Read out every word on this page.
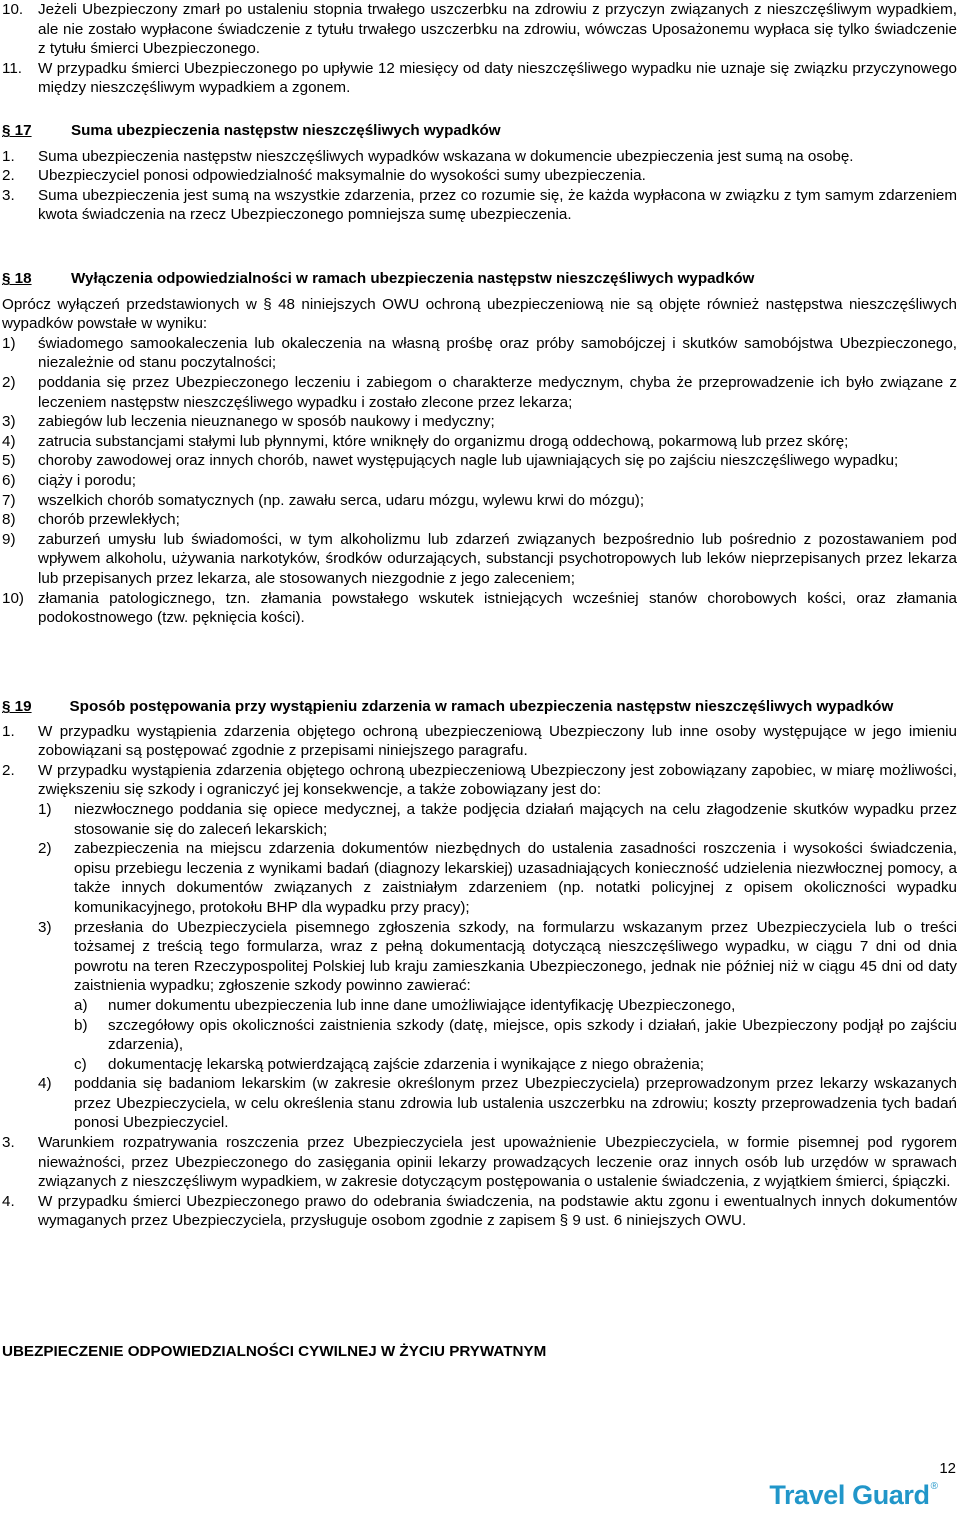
10. Jeżeli Ubezpieczony zmarł po ustaleniu stopnia trwałego uszczerbku na zdrowiu z przyczyn związanych z nieszczęśliwym wypadkiem, ale nie zostało wypłacone świadczenie z tytułu trwałego uszczerbku na zdrowiu, wówczas Uposażonemu wypłaca się tylko świadczenie z tytułu śmierci Ubezpieczonego.
11. W przypadku śmierci Ubezpieczonego po upływie 12 miesięcy od daty nieszczęśliwego wypadku nie uznaje się związku przyczynowego między nieszczęśliwym wypadkiem a zgonem.
§ 17	Suma ubezpieczenia następstw nieszczęśliwych wypadków
1. Suma ubezpieczenia następstw nieszczęśliwych wypadków wskazana w dokumencie ubezpieczenia jest sumą na osobę.
2. Ubezpieczyciel ponosi odpowiedzialność maksymalnie do wysokości sumy ubezpieczenia.
3. Suma ubezpieczenia jest sumą na wszystkie zdarzenia, przez co rozumie się, że każda wypłacona w związku z tym samym zdarzeniem kwota świadczenia na rzecz Ubezpieczonego pomniejsza sumę ubezpieczenia.
§ 18	Wyłączenia odpowiedzialności w ramach ubezpieczenia następstw nieszczęśliwych wypadków
Oprócz wyłączeń przedstawionych w § 48 niniejszych OWU ochroną ubezpieczeniową nie są objęte również następstwa nieszczęśliwych wypadków powstałe w wyniku:
1) świadomego samookaleczenia lub okaleczenia na własną prośbę oraz próby samobójczej i skutków samobójstwa Ubezpieczonego, niezależnie od stanu poczytalności;
2) poddania się przez Ubezpieczonego leczeniu i zabiegom o charakterze medycznym, chyba że przeprowadzenie ich było związane z leczeniem następstw nieszczęśliwego wypadku i zostało zlecone przez lekarza;
3) zabiegów lub leczenia nieuznanego w sposób naukowy i medyczny;
4) zatrucia substancjami stałymi lub płynnymi, które wniknęły do organizmu drogą oddechową, pokarmową lub przez skórę;
5) choroby zawodowej oraz innych chorób, nawet występujących nagle lub ujawniających się po zajściu nieszczęśliwego wypadku;
6) ciąży i porodu;
7) wszelkich chorób somatycznych (np. zawału serca, udaru mózgu, wylewu krwi do mózgu);
8) chorób przewlekłych;
9) zaburzeń umysłu lub świadomości, w tym alkoholizmu lub zdarzeń związanych bezpośrednio lub pośrednio z pozostawaniem pod wpływem alkoholu, używania narkotyków, środków odurzających, substancji psychotropowych lub leków nieprzepisanych przez lekarza lub przepisanych przez lekarza, ale stosowanych niezgodnie z jego zaleceniem;
10) złamania patologicznego, tzn. złamania powstałego wskutek istniejących wcześniej stanów chorobowych kości, oraz złamania podokostnowego (tzw. pęknięcia kości).
§ 19 Sposób postępowania przy wystąpieniu zdarzenia w ramach ubezpieczenia następstw nieszczęśliwych wypadków
1. W przypadku wystąpienia zdarzenia objętego ochroną ubezpieczeniową Ubezpieczony lub inne osoby występujące w jego imieniu zobowiązani są postępować zgodnie z przepisami niniejszego paragrafu.
2. W przypadku wystąpienia zdarzenia objętego ochroną ubezpieczeniową Ubezpieczony jest zobowiązany zapobiec, w miarę możliwości, zwiększeniu się szkody i ograniczyć jej konsekwencje, a także zobowiązany jest do:
1) niezwłocznego poddania się opiece medycznej, a także podjęcia działań mających na celu złagodzenie skutków wypadku przez stosowanie się do zaleceń lekarskich;
2) zabezpieczenia na miejscu zdarzenia dokumentów niezbędnych do ustalenia zasadności roszczenia i wysokości świadczenia, opisu przebiegu leczenia z wynikami badań (diagnozy lekarskiej) uzasadniających konieczność udzielenia niezwłocznej pomocy, a także innych dokumentów związanych z zaistniałym zdarzeniem (np. notatki policyjnej z opisem okoliczności wypadku komunikacyjnego, protokołu BHP dla wypadku przy pracy);
3) przesłania do Ubezpieczyciela pisemnego zgłoszenia szkody, na formularzu wskazanym przez Ubezpieczyciela lub o treści tożsamej z treścią tego formularza, wraz z pełną dokumentacją dotyczącą nieszczęśliwego wypadku, w ciągu 7 dni od dnia powrotu na teren Rzeczypospolitej Polskiej lub kraju zamieszkania Ubezpieczonego, jednak nie później niż w ciągu 45 dni od daty zaistnienia wypadku; zgłoszenie szkody powinno zawierać:
a) numer dokumentu ubezpieczenia lub inne dane umożliwiające identyfikację Ubezpieczonego,
b) szczegółowy opis okoliczności zaistnienia szkody (datę, miejsce, opis szkody i działań, jakie Ubezpieczony podjął po zajściu zdarzenia),
c) dokumentację lekarską potwierdzającą zajście zdarzenia i wynikające z niego obrażenia;
4) poddania się badaniom lekarskim (w zakresie określonym przez Ubezpieczyciela) przeprowadzonym przez lekarzy wskazanych przez Ubezpieczyciela, w celu określenia stanu zdrowia lub ustalenia uszczerbku na zdrowiu; koszty przeprowadzenia tych badań ponosi Ubezpieczyciel.
3. Warunkiem rozpatrywania roszczenia przez Ubezpieczyciela jest upoważnienie Ubezpieczyciela, w formie pisemnej pod rygorem nieważności, przez Ubezpieczonego do zasięgania opinii lekarzy prowadzących leczenie oraz innych osób lub urzędów w sprawach związanych z nieszczęśliwym wypadkiem, w zakresie dotyczącym postępowania o ustalenie świadczenia, z wyjątkiem śmierci, śpiączki.
4. W przypadku śmierci Ubezpieczonego prawo do odebrania świadczenia, na podstawie aktu zgonu i ewentualnych innych dokumentów wymaganych przez Ubezpieczyciela, przysługuje osobom zgodnie z zapisem § 9 ust. 6 niniejszych OWU.
UBEZPIECZENIE ODPOWIEDZIALNOŚCI CYWILNEJ W ŻYCIU PRYWATNYM
12
Travel Guard ®
